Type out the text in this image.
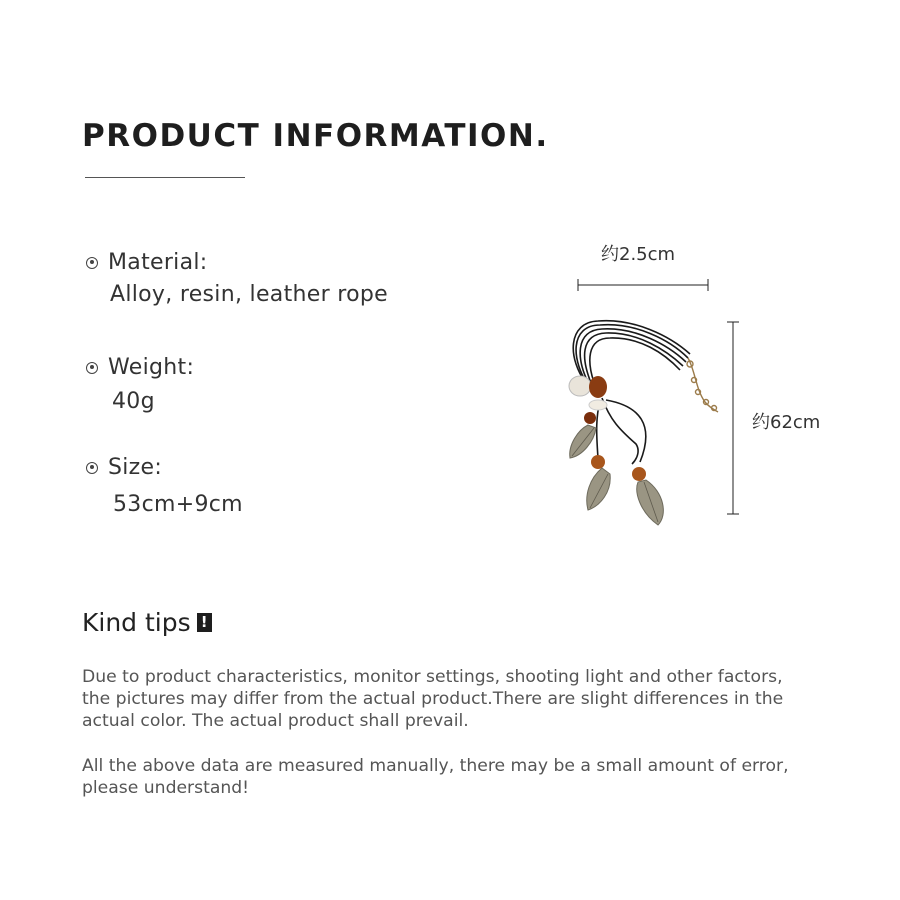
PRODUCT INFORMATION.
Material:
Alloy, resin, leather rope
Weight:
40g
Size:
53cm+9cm
约2.5cm
约62cm
Kind tips !
Due to product characteristics, monitor settings, shooting light and other factors, the pictures may differ from the actual product.There are slight differences in the actual color. The actual product shall prevail.
All the above data are measured manually, there may be a small amount of error, please understand!
